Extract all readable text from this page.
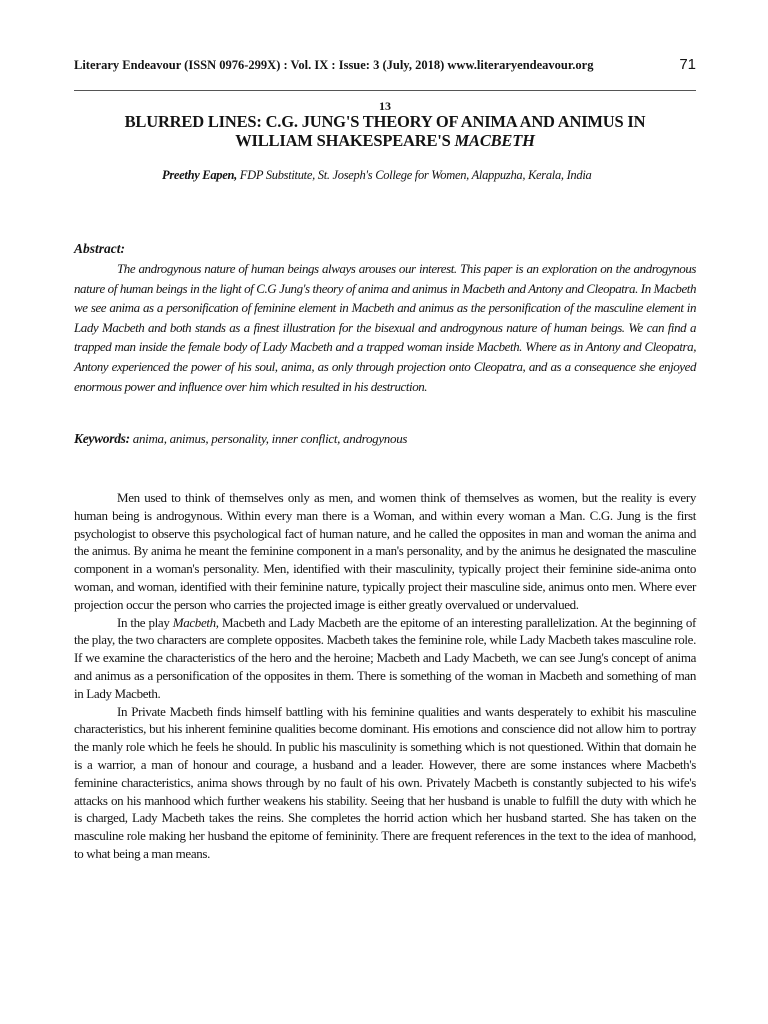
Literary Endeavour (ISSN 0976-299X) : Vol. IX : Issue: 3 (July, 2018) www.literaryendeavour.org	71
13
BLURRED LINES: C.G. JUNG'S THEORY OF ANIMA AND ANIMUS IN
WILLIAM SHAKESPEARE'S MACBETH
Preethy Eapen, FDP Substitute, St. Joseph's College for Women, Alappuzha, Kerala, India
Abstract:

The androgynous nature of human beings always arouses our interest. This paper is an exploration on the androgynous nature of human beings in the light of C.G Jung's theory of anima and animus in Macbeth and Antony and Cleopatra. In Macbeth we see anima as a personification of feminine element in Macbeth and animus as the personification of the masculine element in Lady Macbeth and both stands as a finest illustration for the bisexual and androgynous nature of human beings. We can find a trapped man inside the female body of Lady Macbeth and a trapped woman inside Macbeth. Where as in Antony and Cleopatra, Antony experienced the power of his soul, anima, as only through projection onto Cleopatra, and as a consequence she enjoyed enormous power and influence over him which resulted in his destruction.

Keywords: anima, animus, personality, inner conflict, androgynous

Men used to think of themselves only as men, and women think of themselves as women, but the reality is every human being is androgynous. Within every man there is a Woman, and within every woman a Man. C.G. Jung is the first psychologist to observe this psychological fact of human nature, and he called the opposites in man and woman the anima and the animus. By anima he meant the feminine component in a man's personality, and by the animus he designated the masculine component in a woman's personality. Men, identified with their masculinity, typically project their feminine side-anima onto woman, and woman, identified with their feminine nature, typically project their masculine side, animus onto men. Where ever projection occur the person who carries the projected image is either greatly overvalued or undervalued.

In the play Macbeth, Macbeth and Lady Macbeth are the epitome of an interesting parallelization. At the beginning of the play, the two characters are complete opposites. Macbeth takes the feminine role, while Lady Macbeth takes masculine role. If we examine the characteristics of the hero and the heroine; Macbeth and Lady Macbeth, we can see Jung's concept of anima and animus as a personification of the opposites in them. There is something of the woman in Macbeth and something of man in Lady Macbeth.

In Private Macbeth finds himself battling with his feminine qualities and wants desperately to exhibit his masculine characteristics, but his inherent feminine qualities become dominant. His emotions and conscience did not allow him to portray the manly role which he feels he should. In public his masculinity is something which is not questioned. Within that domain he is a warrior, a man of honour and courage, a husband and a leader. However, there are some instances where Macbeth's feminine characteristics, anima shows through by no fault of his own. Privately Macbeth is constantly subjected to his wife's attacks on his manhood which further weakens his stability. Seeing that her husband is unable to fulfill the duty with which he is charged, Lady Macbeth takes the reins. She completes the horrid action which her husband started. She has taken on the masculine role making her husband the epitome of femininity. There are frequent references in the text to the idea of manhood, to what being a man means.
